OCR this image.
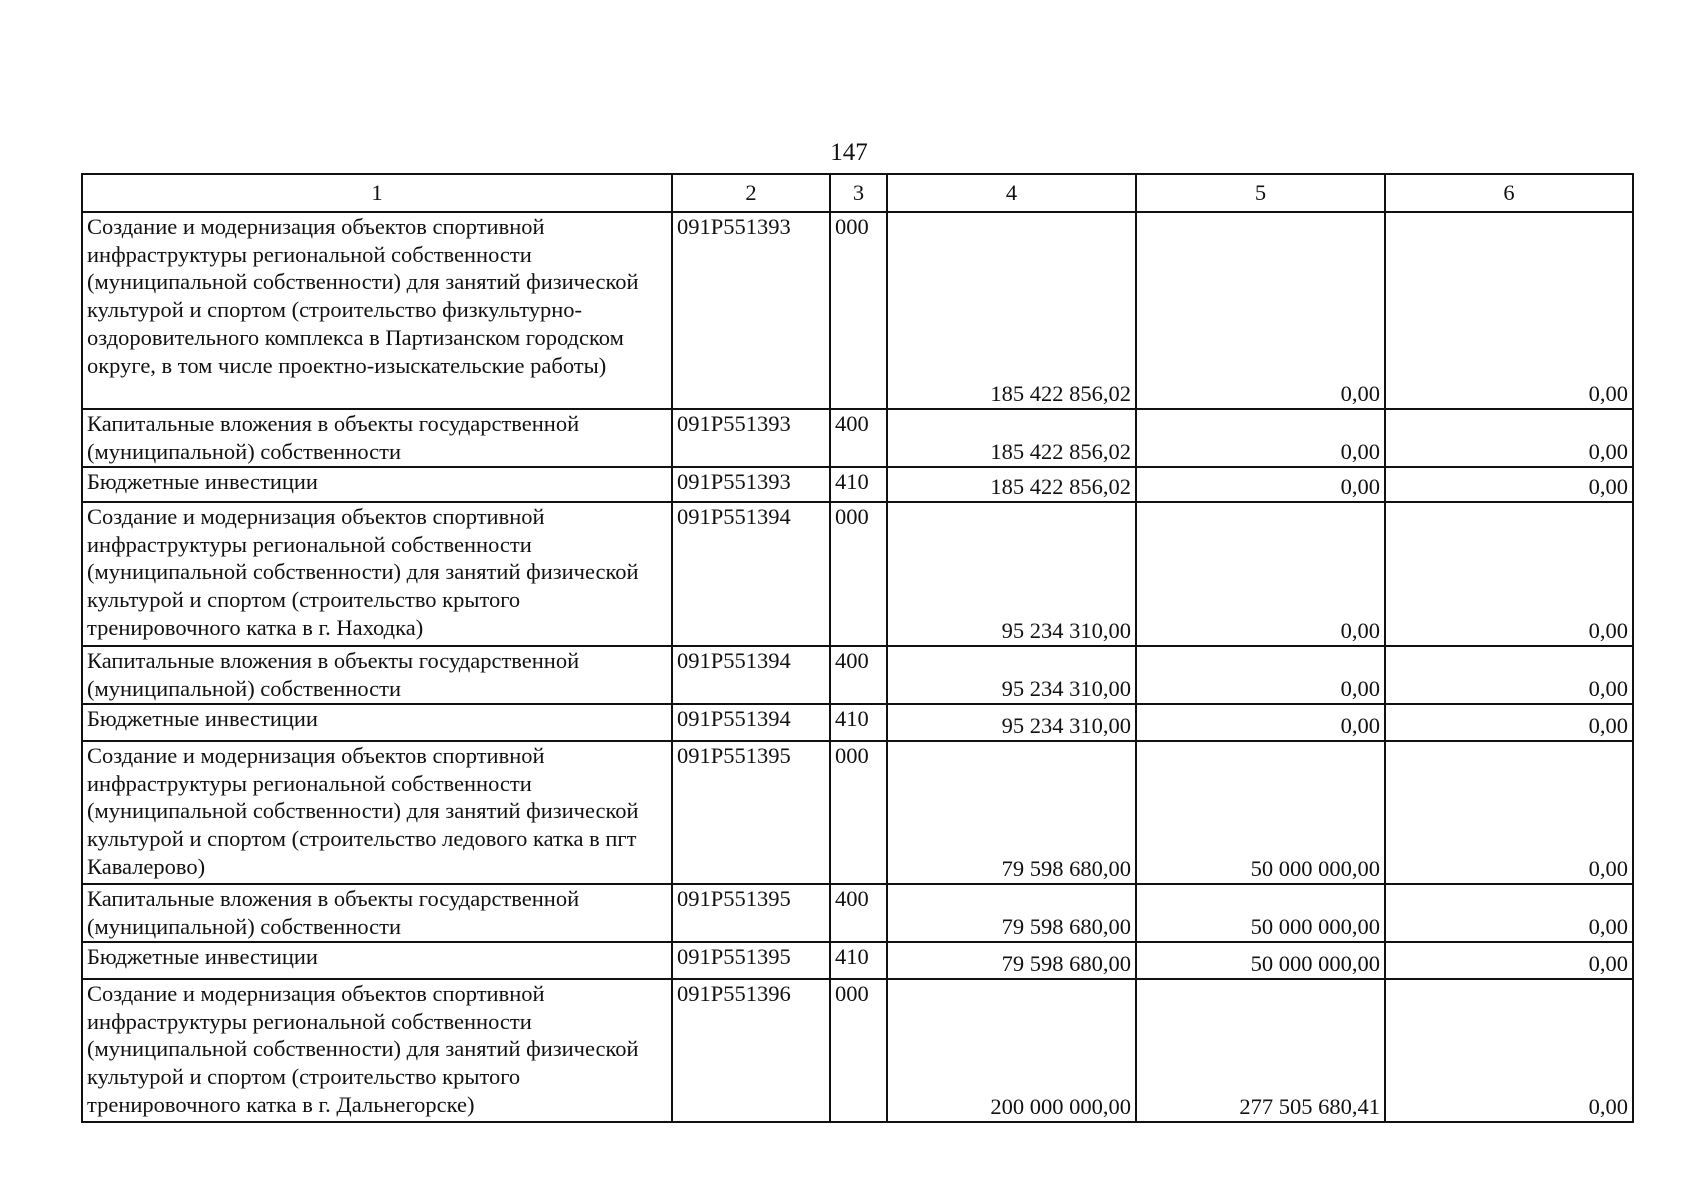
147
1	2	3	4	5	6
Создание и модернизация объектов спортивной инфраструктуры региональной собственности (муниципальной собственности) для занятий физической культурой и спортом (строительство физкультурно-оздоровительного комплекса в Партизанском городском округе, в том числе проектно-изыскательские работы)	091P551393	000	185 422 856,02	0,00	0,00
Капитальные вложения в объекты государственной (муниципальной) собственности	091P551393	400	185 422 856,02	0,00	0,00
Бюджетные инвестиции	091P551393	410	185 422 856,02	0,00	0,00
Создание и модернизация объектов спортивной инфраструктуры региональной собственности (муниципальной собственности) для занятий физической культурой и спортом (строительство крытого тренировочного катка в г. Находка)	091P551394	000	95 234 310,00	0,00	0,00
Капитальные вложения в объекты государственной (муниципальной) собственности	091P551394	400	95 234 310,00	0,00	0,00
Бюджетные инвестиции	091P551394	410	95 234 310,00	0,00	0,00
Создание и модернизация объектов спортивной инфраструктуры региональной собственности (муниципальной собственности) для занятий физической культурой и спортом (строительство ледового катка в пгт Кавалерово)	091P551395	000	79 598 680,00	50 000 000,00	0,00
Капитальные вложения в объекты государственной (муниципальной) собственности	091P551395	400	79 598 680,00	50 000 000,00	0,00
Бюджетные инвестиции	091P551395	410	79 598 680,00	50 000 000,00	0,00
Создание и модернизация объектов спортивной инфраструктуры региональной собственности (муниципальной собственности) для занятий физической культурой и спортом (строительство крытого тренировочного катка в г. Дальнегорске)	091P551396	000	200 000 000,00	277 505 680,41	0,00
